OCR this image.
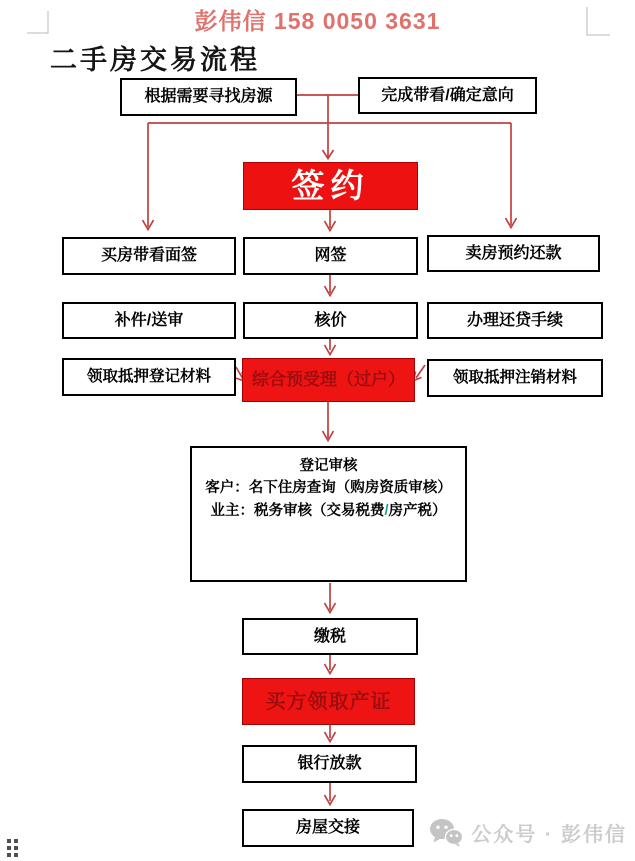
彭伟信 158 0050 3631
二手房交易流程
根据需要寻找房源	完成带看/确定意向
签约
买房带看面签	网签	卖房预约还款
补件/送审	核价	办理还贷手续
领取抵押登记材料	综合预受理（过户）	领取抵押注销材料
登记审核
客户：名下住房查询（购房资质审核）
业主：税务审核（交易税费/房产税）
缴税
买方领取产证
银行放款
房屋交接	公众号 · 彭伟信
